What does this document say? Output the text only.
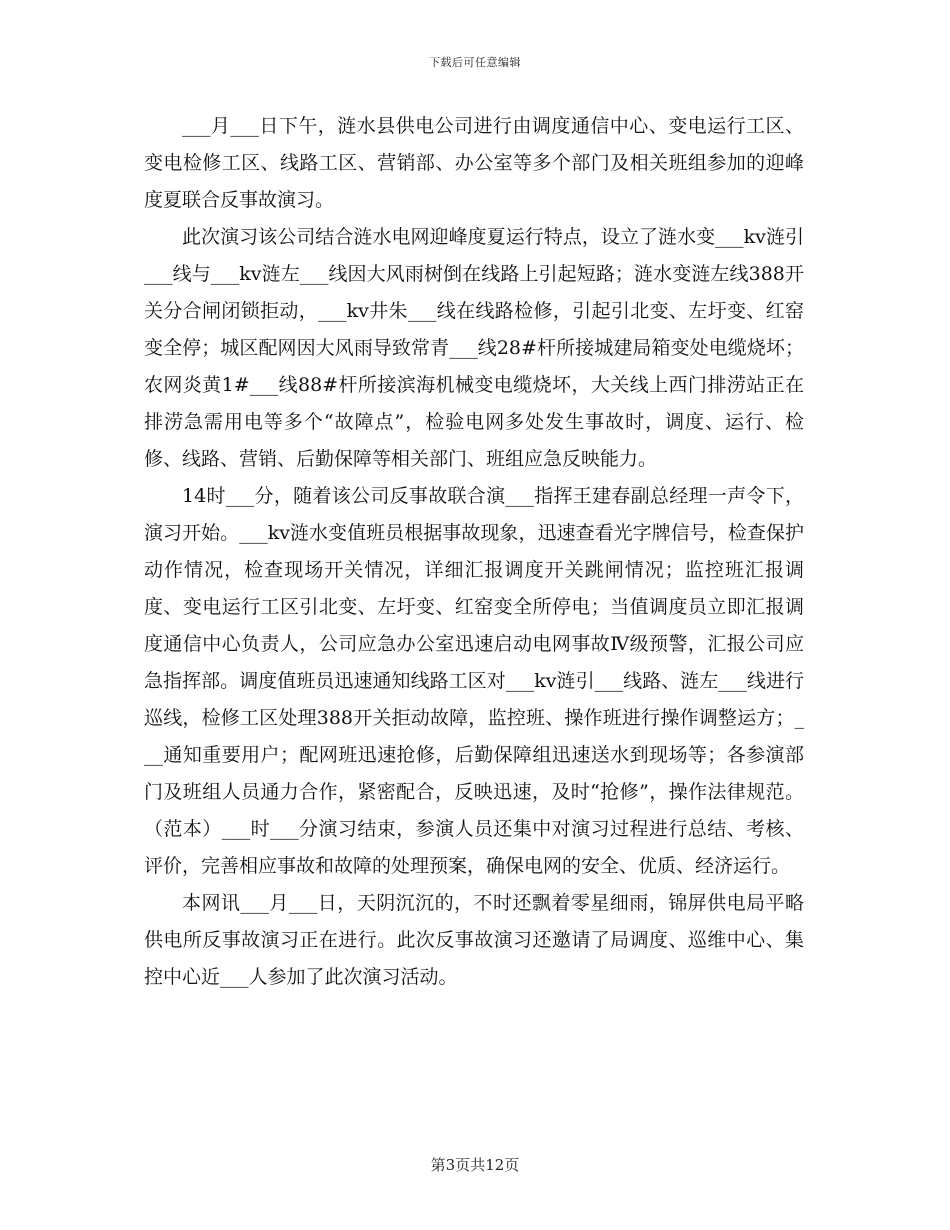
下载后可任意编辑

___月___日下午，涟水县供电公司进行由调度通信中心、变电运行工区、变电检修工区、线路工区、营销部、办公室等多个部门及相关班组参加的迎峰度夏联合反事故演习。

此次演习该公司结合涟水电网迎峰度夏运行特点，设立了涟水变___kv涟引___线与___kv涟左___线因大风雨树倒在线路上引起短路；涟水变涟左线388开关分合闸闭锁拒动，___kv井朱___线在线路检修，引起引北变、左圩变、红窑变全停；城区配网因大风雨导致常青___线28#杆所接城建局箱变处电缆烧坏；农网炎黄1#___线88#杆所接滨海机械变电缆烧坏，大关线上西门排涝站正在排涝急需用电等多个“故障点”，检验电网多处发生事故时，调度、运行、检修、线路、营销、后勤保障等相关部门、班组应急反映能力。

14时___分，随着该公司反事故联合演___指挥王建春副总经理一声令下，演习开始。___kv涟水变值班员根据事故现象，迅速查看光字牌信号，检查保护动作情况，检查现场开关情况，详细汇报调度开关跳闸情况；监控班汇报调度、变电运行工区引北变、左圩变、红窑变全所停电；当值调度员立即汇报调度通信中心负责人，公司应急办公室迅速启动电网事故Ⅳ级预警，汇报公司应急指挥部。调度值班员迅速通知线路工区对___kv涟引___线路、涟左___线进行巡线，检修工区处理388开关拒动故障，监控班、操作班进行操作调整运方；___通知重要用户；配网班迅速抢修，后勤保障组迅速送水到现场等；各参演部门及班组人员通力合作，紧密配合，反映迅速，及时“抢修”，操作法律规范。（范本）___时___分演习结束，参演人员还集中对演习过程进行总结、考核、评价，完善相应事故和故障的处理预案，确保电网的安全、优质、经济运行。

本网讯___月___日，天阴沉沉的，不时还飘着零星细雨，锦屏供电局平略供电所反事故演习正在进行。此次反事故演习还邀请了局调度、巡维中心、集控中心近___人参加了此次演习活动。

第3页共12页
